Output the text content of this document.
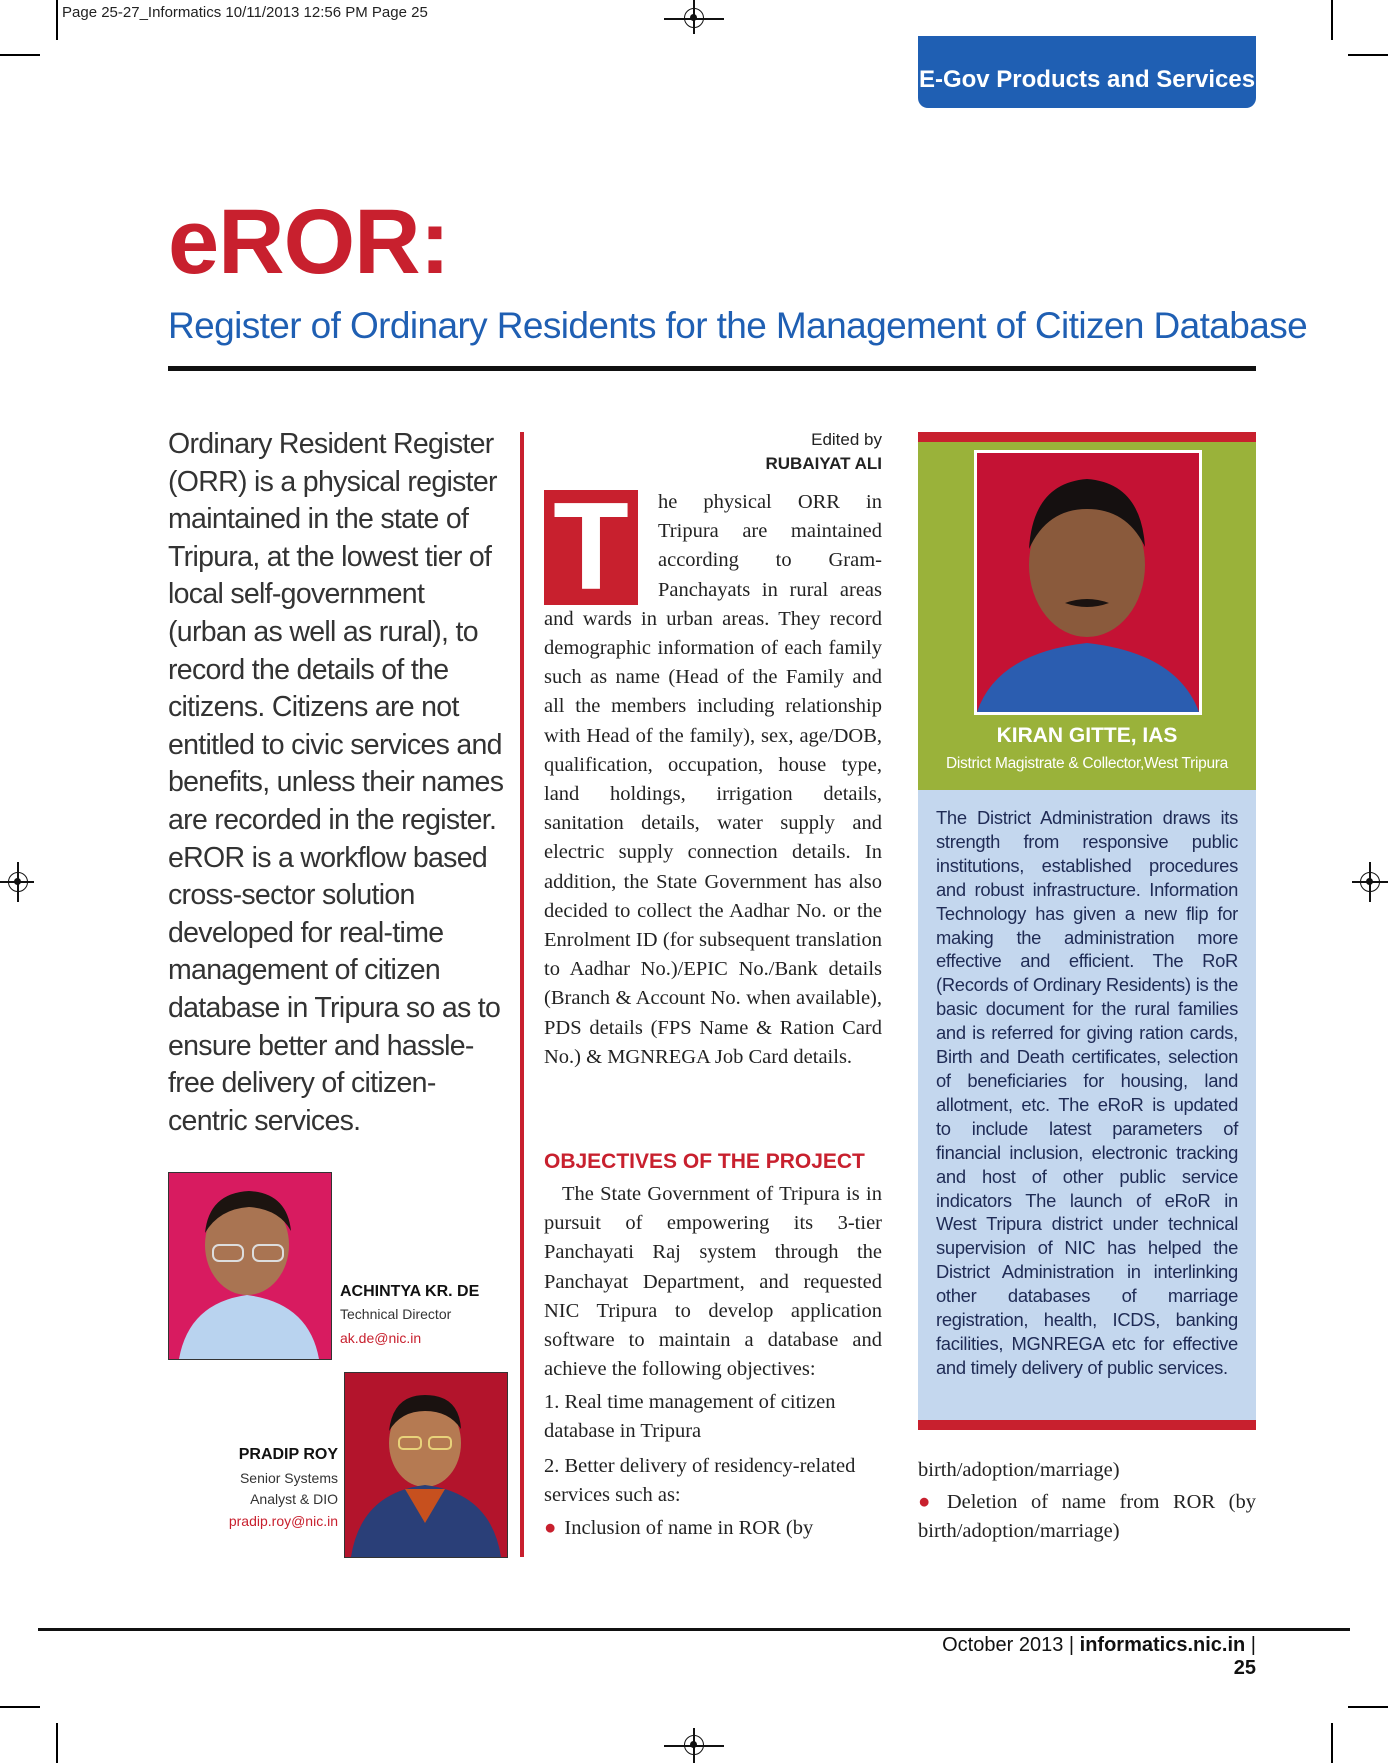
Page 25-27_Informatics 10/11/2013 12:56 PM Page 25
E-Gov Products and Services
eROR:
Register of Ordinary Residents for the Management of Citizen Database
Ordinary Resident Register (ORR) is a physical register maintained in the state of Tripura, at the lowest tier of local self-government (urban as well as rural), to record the details of the citizens. Citizens are not entitled to civic services and benefits, unless their names are recorded in the register. eROR is a workflow based cross-sector solution developed for real-time management of citizen database in Tripura so as to ensure better and hassle-free delivery of citizen-centric services.
ACHINTYA KR. DE
Technical Director
ak.de@nic.in
PRADIP ROY
Senior Systems
Analyst & DIO
pradip.roy@nic.in
Edited by
RUBAIYAT ALI
T	he physical ORR in Tripura are maintained according to Gram-Panchayats in rural areas and wards in urban areas. They record demographic information of each family such as name (Head of the Family and all the members including relationship with Head of the family), sex, age/DOB, qualification, occupation, house type, land holdings, irrigation details, sanitation details, water supply and electric supply connection details. In addition, the State Government has also decided to collect the Aadhar No. or the Enrolment ID (for subsequent translation to Aadhar No.)/EPIC No./Bank details (Branch & Account No. when available), PDS details (FPS Name & Ration Card No.) & MGNREGA Job Card details.
OBJECTIVES OF THE PROJECT
The State Government of Tripura is in pursuit of empowering its 3-tier Panchayati Raj system through the Panchayat Department, and requested NIC Tripura to develop application software to maintain a database and achieve the following objectives:
1. Real time management of citizen database in Tripura
2. Better delivery of residency-related services such as:
● Inclusion of name in ROR (by
KIRAN GITTE, IAS
District Magistrate & Collector,West Tripura
The District Administration draws its strength from responsive public institutions, established procedures and robust infrastructure. Information Technology has given a new flip for making the administration more effective and efficient. The RoR (Records of Ordinary Residents) is the basic document for the rural families and is referred for giving ration cards, Birth and Death certificates, selection of beneficiaries for housing, land allotment, etc. The eRoR is updated to include latest parameters of financial inclusion, electronic tracking and host of other public service indicators The launch of eRoR in West Tripura district under technical supervision of NIC has helped the District Administration in interlinking other databases of marriage registration, health, ICDS, banking facilities, MGNREGA etc for effective and timely delivery of public services.
birth/adoption/marriage)
● Deletion of name from ROR (by birth/adoption/marriage)
October 2013 | informatics.nic.in | 25
